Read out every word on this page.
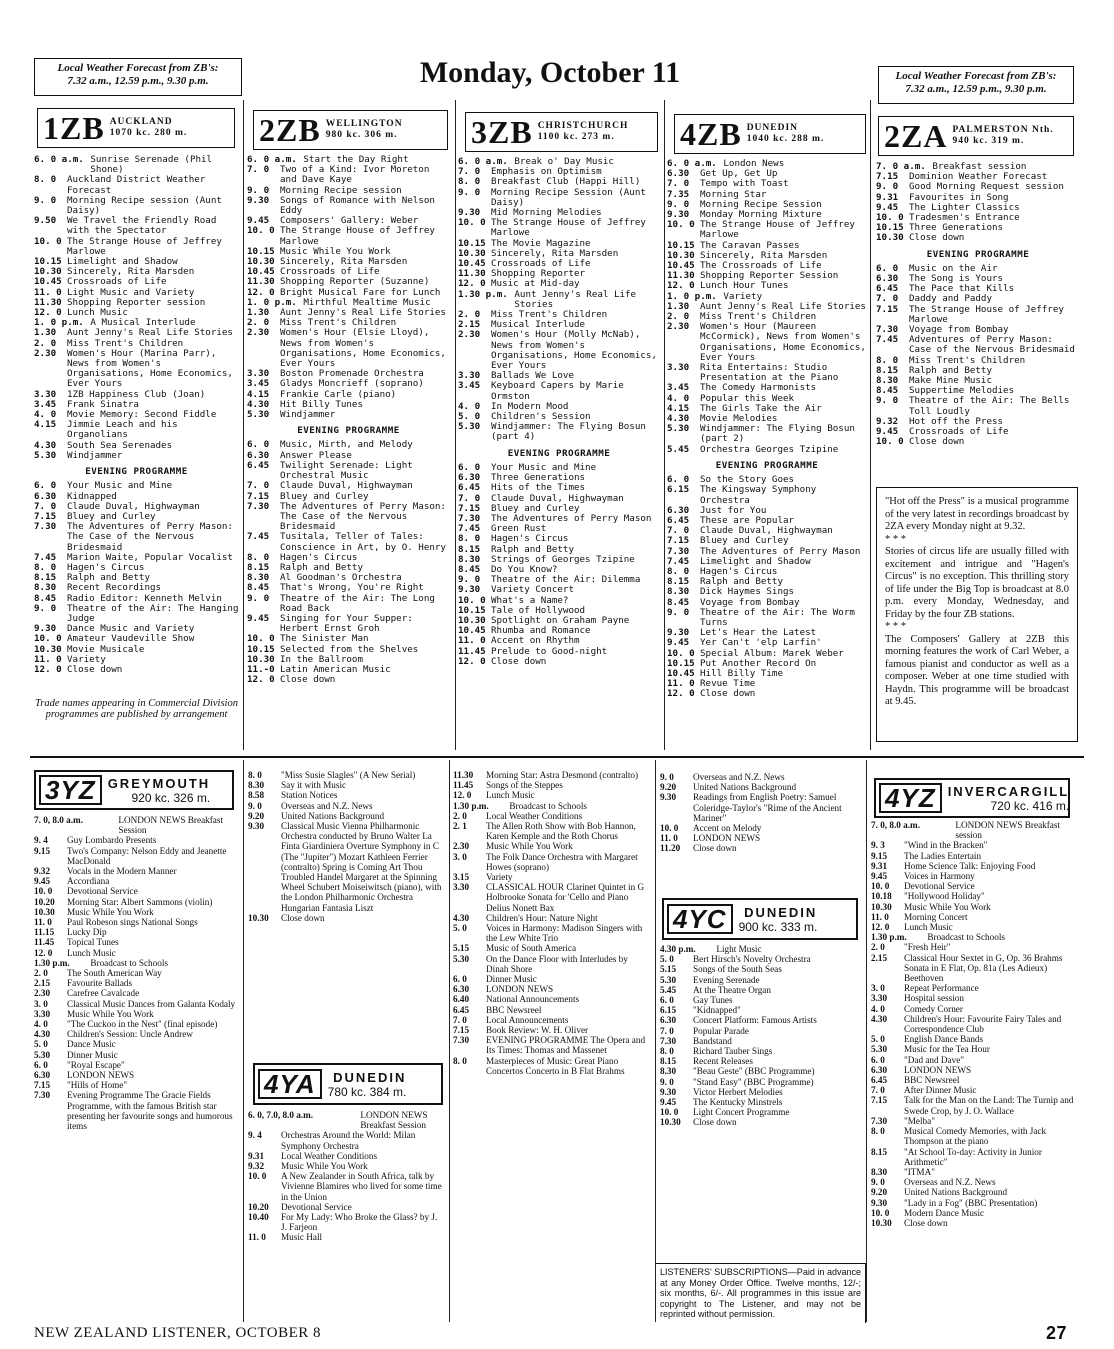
Local Weather Forecast from ZB's:
7.32 a.m., 12.59 p.m., 9.30 p.m.	Monday, October 11	Local Weather Forecast from ZB's:
7.32 a.m., 12.59 p.m., 9.30 p.m.
1ZB AUCKLAND
1070 kc. 280 m. 2ZB WELLINGTON
980 kc. 306 m. 3ZB CHRISTCHURCH
1100 kc. 273 m.	4ZB DUNEDIN
1040 kc. 288 m. 2ZA PALMERSTON Nth.
940 kc. 319 m.
6. 0 a.m. Sunrise Serenade (Phil Shone)
8. 0	Auckland District Weather Forecast
9. 0	Morning Recipe session (Aunt Daisy)
9.50	We Travel the Friendly Road with the Spectator
10. 0 The Strange House of Jeffrey Marlowe
10.15 Limelight and Shadow
10.30 Sincerely, Rita Marsden
10.45 Crossroads of Life
11. 0 Light Music and Variety
11.30 Shopping Reporter session
12. 0 Lunch Music
1. 0 p.m. A Musical Interlude
1.30	Aunt Jenny's Real Life Stories
2. 0	Miss Trent's Children
2.30	Women's Hour (Marina Parr), News from Women's Organisations, Home Economics, Ever Yours
3.30	1ZB Happiness Club (Joan)
3.45	Frank Sinatra
4. 0	Movie Memory: Second Fiddle
4.15	Jimmie Leach and his Organolians
4.30	South Sea Serenades
5.30	Windjammer
EVENING PROGRAMME
6. 0	Your Music and Mine
6.30	Kidnapped
7. 0	Claude Duval, Highwayman
7.15	Bluey and Curley
7.30	The Adventures of Perry Mason: The Case of the Nervous Bridesmaid
7.45	Marion Waite, Popular Vocalist
8. 0	Hagen's Circus
8.15	Ralph and Betty
8.30	Recent Recordings
8.45	Radio Editor: Kenneth Melvin
9. 0	Theatre of the Air: The Hanging Judge
9.30	Dance Music and Variety
10. 0 Amateur Vaudeville Show
10.30 Movie Musicale
11. 0 Variety
12. 0 Close down
Trade names appearing in Commercial Division programmes are published by arrangement
6. 0 a.m. Start the Day Right
7. 0	Two of a Kind: Ivor Moreton and Dave Kaye
9. 0	Morning Recipe session
9.30	Songs of Romance with Nelson Eddy
9.45	Composers' Gallery: Weber
10. 0 The Strange House of Jeffrey Marlowe
10.15 Music While You Work
10.30 Sincerely, Rita Marsden
10.45 Crossroads of Life
11.30 Shopping Reporter (Suzanne)
12. 0 Bright Musical Fare for Lunch
1. 0 p.m. Mirthful Mealtime Music
1.30	Aunt Jenny's Real Life Stories
2. 0	Miss Trent's Children
2.30	Women's Hour (Elsie Lloyd), News from Women's Organisations, Home Economics, Ever Yours
3.30	Boston Promenade Orchestra
3.45	Gladys Moncrieff (soprano)
4.15	Frankie Carle (piano)
4.30	Hit Billy Tunes
5.30	Windjammer
EVENING PROGRAMME
6. 0	Music, Mirth, and Melody
6.30	Answer Please
6.45	Twilight Serenade: Light Orchestral Music
7. 0	Claude Duval, Highwayman
7.15	Bluey and Curley
7.30	The Adventures of Perry Mason: The Case of the Nervous Bridesmaid
7.45	Tusitala, Teller of Tales: Conscience in Art, by O. Henry
8. 0	Hagen's Circus
8.15	Ralph and Betty
8.30	Al Goodman's Orchestra
8.45	That's Wrong, You're Right
9. 0	Theatre of the Air: The Long Road Back
9.45	Singing for Your Supper: Herbert Ernst Groh
10. 0 The Sinister Man
10.15 Selected from the Shelves
10.30 In the Ballroom
11.-0 Latin American Music
12. 0 Close down
6. 0 a.m. Break o' Day Music
7. 0	Emphasis on Optimism
8. 0	Breakfast Club (Happi Hill)
9. 0	Morning Recipe Session (Aunt Daisy)
9.30	Mid Morning Melodies
10. 0 The Strange House of Jeffrey Marlowe
10.15 The Movie Magazine
10.30 Sincerely, Rita Marsden
10.45 Crossroads of Life
11.30 Shopping Reporter
12. 0 Music at Mid-day
1.30 p.m. Aunt Jenny's Real Life Stories
2. 0	Miss Trent's Children
2.15	Musical Interlude
2.30	Women's Hour (Molly McNab), News from Women's Organisations, Home Economics, Ever Yours
3.30	Ballads We Love
3.45	Keyboard Capers by Marie Ormston
4. 0	In Modern Mood
5. 0	Children's Session
5.30	Windjammer: The Flying Bosun (part 4)
EVENING PROGRAMME
6. 0	Your Music and Mine
6.30	Three Generations
6.45	Hits of the Times
7. 0	Claude Duval, Highwayman
7.15	Bluey and Curley
7.30	The Adventures of Perry Mason
7.45	Green Rust
8. 0	Hagen's Circus
8.15	Ralph and Betty
8.30	Strings of Georges Tzipine
8.45	Do You Know?
9. 0	Theatre of the Air: Dilemma
9.30	Variety Concert
10. 0 What's a Name?
10.15 Tale of Hollywood
10.30 Spotlight on Graham Payne
10.45 Rhumba and Romance
11. 0 Accent on Rhythm
11.45 Prelude to Good-night
12. 0 Close down
6. 0 a.m. London News
6.30	Get Up, Get Up
7. 0	Tempo with Toast
7.35	Morning Star
9. 0	Morning Recipe Session
9.30	Monday Morning Mixture
10. 0 The Strange House of Jeffrey Marlowe
10.15 The Caravan Passes
10.30 Sincerely, Rita Marsden
10.45 The Crossroads of Life
11.30 Shopping Reporter Session
12. 0 Lunch Hour Tunes
1. 0 p.m. Variety
1.30	Aunt Jenny's Real Life Stories
2. 0	Miss Trent's Children
2.30	Women's Hour (Maureen McCormick), News from Women's Organisations, Home Economics, Ever Yours
3.30	Rita Entertains: Studio Presentation at the Piano
3.45	The Comedy Harmonists
4. 0	Popular this Week
4.15	The Girls Take the Air
4.30	Movie Melodies
5.30	Windjammer: The Flying Bosun (part 2)
5.45	Orchestra Georges Tzipine
EVENING PROGRAMME
6. 0	So the Story Goes
6.15	The Kingsway Symphony Orchestra
6.30	Just for You
6.45	These are Popular
7. 0	Claude Duval, Highwayman
7.15	Bluey and Curley
7.30	The Adventures of Perry Mason
7.45	Limelight and Shadow
8. 0	Hagen's Circus
8.15	Ralph and Betty
8.30	Dick Haymes Sings
8.45	Voyage from Bombay
9. 0	Theatre of the Air: The Worm Turns
9.30	Let's Hear the Latest
9.45	Yer Can't 'elp Larfin'
10. 0 Special Album: Marek Weber
10.15 Put Another Record On
10.45 Hill Billy Time
11. 0 Revue Time
12. 0 Close down
7. 0 a.m. Breakfast session
7.15	Dominion Weather Forecast
9. 0	Good Morning Request session
9.31	Favourites in Song
9.45	The Lighter Classics
10. 0 Tradesmen's Entrance
10.15 Three Generations
10.30 Close down
EVENING PROGRAMME
6. 0	Music on the Air
6.30	The Song is Yours
6.45	The Pace that Kills
7. 0	Daddy and Paddy
7.15	The Strange House of Jeffrey Marlowe
7.30	Voyage from Bombay
7.45	Adventures of Perry Mason: Case of the Nervous Bridesmaid
8. 0	Miss Trent's Children
8.15	Ralph and Betty
8.30	Make Mine Music
8.45	Suppertime Melodies
9. 0	Theatre of the Air: The Bells Toll Loudly
9.32	Hot off the Press
9.45	Crossroads of Life
10. 0 Close down
"Hot off the Press" is a musical programme of the very latest in recordings broadcast by 2ZA every Monday night at 9.32.
* * *
Stories of circus life are usually filled with excitement and intrigue and "Hagen's Circus" is no exception. This thrilling story of life under the Big Top is broadcast at 8.0 p.m. every Monday, Wednesday, and Friday by the four ZB stations.
* * *
The Composers' Gallery at 2ZB this morning features the work of Carl Weber, a famous pianist and conductor as well as a composer. Weber at one time studied with Haydn. This programme will be broadcast at 9.45.
3YZ GREYMOUTH
920 kc. 326 m.
4YA	DUNEDIN
780 kc. 384 m.
4YC	DUNEDIN
900 kc. 333 m.
4YZ INVERCARGILL
720 kc. 416 m.
7. 0, 8.0 a.m.	LONDON NEWS Breakfast Session
9. 4	Guy Lombardo Presents
9.15	Two's Company: Nelson Eddy and Jeanette MacDonald
9.32	Vocals in the Modern Manner
9.45	Accordiana
10. 0	Devotional Service
10.20	Morning Star: Albert Sammons (violin)
10.30	Music While You Work
11. 0	Paul Robeson sings National Songs
11.15	Lucky Dip
11.45	Topical Tunes
12. 0	Lunch Music
1.30 p.m.	Broadcast to Schools
2. 0	The South American Way
2.15	Favourite Ballads
2.30	Carefree Cavalcade
3. 0	Classical Music Dances from Galanta Kodaly
3.30	Music While You Work
4. 0	"The Cuckoo in the Nest" (final episode)
4.30	Children's Session: Uncle Andrew
5. 0	Dance Music
5.30	Dinner Music
6. 0	"Royal Escape"
6.30	LONDON NEWS
7.15	"Hills of Home"
7.30	Evening Programme The Gracie Fields Programme, with the famous British star presenting her favourite songs and humorous items
8. 0	"Miss Susie Slagles" (A New Serial)
8.30	Say it with Music
8.58	Station Notices
9. 0	Overseas and N.Z. News
9.20	United Nations Background
9.30	Classical Music Vienna Philharmonic Orchestra conducted by Bruno Walter La Finta Giardiniera Overture Symphony in C (The "Jupiter") Mozart Kathleen Ferrier (contralto) Spring is Coming Art Thou Troubled Handel Margaret at the Spinning Wheel Schubert Moiseiwitsch (piano), with the London Philharmonic Orchestra Hungarian Fantasia Liszt
10.30	Close down
6. 0, 7.0, 8.0 a.m.	LONDON NEWS Breakfast Session
9. 4	Orchestras Around the World: Milan Symphony Orchestra
9.31	Local Weather Conditions
9.32	Music While You Work
10. 0	A New Zealander in South Africa, talk by Vivienne Blamires who lived for some time in the Union
10.20	Devotional Service
10.40	For My Lady: Who Broke the Glass? by J. J. Farjeon
11. 0	Music Hall
11.30	Morning Star: Astra Desmond (contralto)
11.45	Songs of the Steppes
12. 0	Lunch Music
1.30 p.m.	Broadcast to Schools
2. 0	Local Weather Conditions
2. 1	The Allen Roth Show with Bob Hannon, Karen Kemple and the Roth Chorus
2.30	Music While You Work
3. 0	The Folk Dance Orchestra with Margaret Howes (soprano)
3.15	Variety
3.30	CLASSICAL HOUR Clarinet Quintet in G Holbrooke Sonata for 'Cello and Piano Delius Nonett Bax
4.30	Children's Hour: Nature Night
5. 0	Voices in Harmony: Madison Singers with the Lew White Trio
5.15	Music of South America
5.30	On the Dance Floor with Interludes by Dinah Shore
6. 0	Dinner Music
6.30	LONDON NEWS
6.40	National Announcements
6.45	BBC Newsreel
7. 0	Local Announcements
7.15	Book Review: W. H. Oliver
7.30	EVENING PROGRAMME The Opera and Its Times: Thomas and Massenet
8. 0	Masterpieces of Music: Great Piano Concertos Concerto in B Flat Brahms
9. 0	Overseas and N.Z. News
9.20	United Nations Background
9.30	Readings from English Poetry: Samuel Coleridge-Taylor's "Rime of the Ancient Mariner"
10. 0	Accent on Melody
11. 0	LONDON NEWS
11.20	Close down
4.30 p.m.	Light Music
5. 0	Bert Hirsch's Novelty Orchestra
5.15	Songs of the South Seas
5.30	Evening Serenade
5.45	At the Theatre Organ
6. 0	Gay Tunes
6.15	"Kidnapped"
6.30	Concert Platform: Famous Artists
7. 0	Popular Parade
7.30	Bandstand
8. 0	Richard Tauber Sings
8.15	Recent Releases
8.30	"Beau Geste" (BBC Programme)
9. 0	"Stand Easy" (BBC Programme)
9.30	Victor Herbert Melodies
9.45	The Kentucky Minstrels
10. 0	Light Concert Programme
10.30	Close down
LISTENERS' SUBSCRIPTIONS—Paid in advance at any Money Order Office. Twelve months, 12/-; six months, 6/-. All programmes in this issue are copyright to The Listener, and may not be reprinted without permission.
7. 0, 8.0 a.m.	LONDON NEWS Breakfast session
9. 3	"Wind in the Bracken"
9.15	The Ladies Entertain
9.31	Home Science Talk: Enjoying Food
9.45	Voices in Harmony
10. 0	Devotional Service
10.18	"Hollywood Holiday"
10.30	Music While You Work
11. 0	Morning Concert
12. 0	Lunch Music
1.30 p.m.	Broadcast to Schools
2. 0	"Fresh Heir"
2.15	Classical Hour Sextet in G, Op. 36 Brahms Sonata in E Flat, Op. 81a (Les Adieux) Beethoven
3. 0	Repeat Performance
3.30	Hospital session
4. 0	Comedy Corner
4.30	Children's Hour: Favourite Fairy Tales and Correspondence Club
5. 0	English Dance Bands
5.30	Music for the Tea Hour
6. 0	"Dad and Dave"
6.30	LONDON NEWS
6.45	BBC Newsreel
7. 0	After Dinner Music
7.15	Talk for the Man on the Land: The Turnip and Swede Crop, by J. O. Wallace
7.30	"Melba"
8. 0	Musical Comedy Memories, with Jack Thompson at the piano
8.15	"At School To-day: Activity in Junior Arithmetic"
8.30	"ITMA"
9. 0	Overseas and N.Z. News
9.20	United Nations Background
9.30	"Lady in a Fog" (BBC Presentation)
10. 0	Modern Dance Music
10.30	Close down
NEW ZEALAND LISTENER, OCTOBER 8	27
